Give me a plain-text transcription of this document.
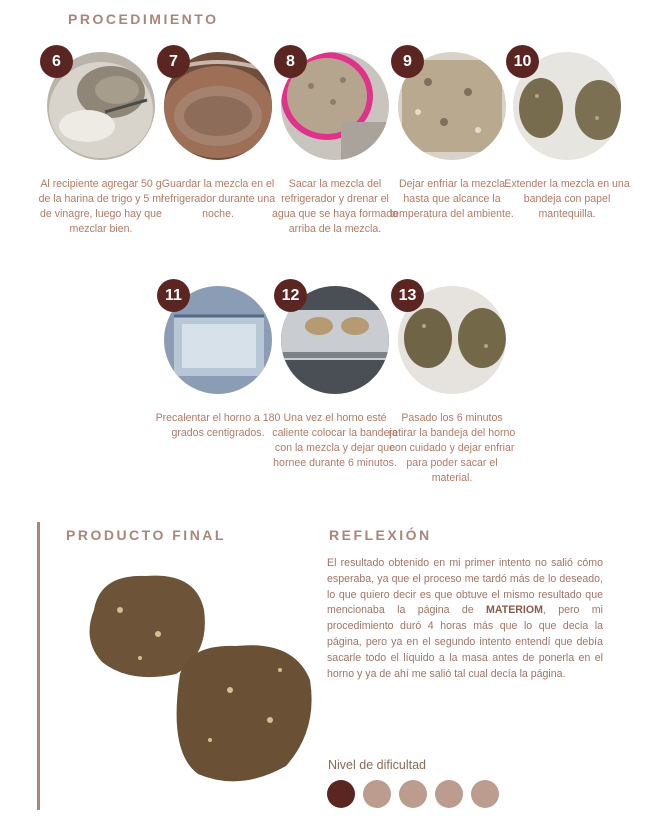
PROCEDIMIENTO
6
Al recipiente agregar 50 g de la harina de trigo y 5 ml de vinagre, luego hay que mezclar bien.
7
Guardar la mezcla en el refrigerador durante una noche.
8
Sacar la mezcla del refrigerador y drenar el agua que se haya formado arriba de la mezcla.
9
Dejar enfriar la mezcla hasta que alcance la temperatura del ambiente.
10
Extender la mezcla en una bandeja con papel mantequilla.
11
Precalentar el horno a 180 grados centigrados.
12
Una vez el horno esté caliente colocar la bandeja con la mezcla y dejar que hornee durante 6 minutos.
13
Pasado los 6 minutos retirar la bandeja del horno con cuidado y dejar enfriar para poder sacar el material.
PRODUCTO FINAL	REFLEXIÓN
El resultado obtenido en mi primer intento no salió cómo esperaba, ya que el proceso me tardó más de lo deseado, lo que quiero decir es que obtuve el mismo resultado que mencionaba la página de MATERIOM, pero mi procedimiento duró 4 horas más que lo que decia la página, pero ya en el segundo intento entendí que debía sacarle todo el líquido a la masa antes de ponerla en el horno y ya de ahí me salió tal cual decía la página.
Nivel de dificultad
